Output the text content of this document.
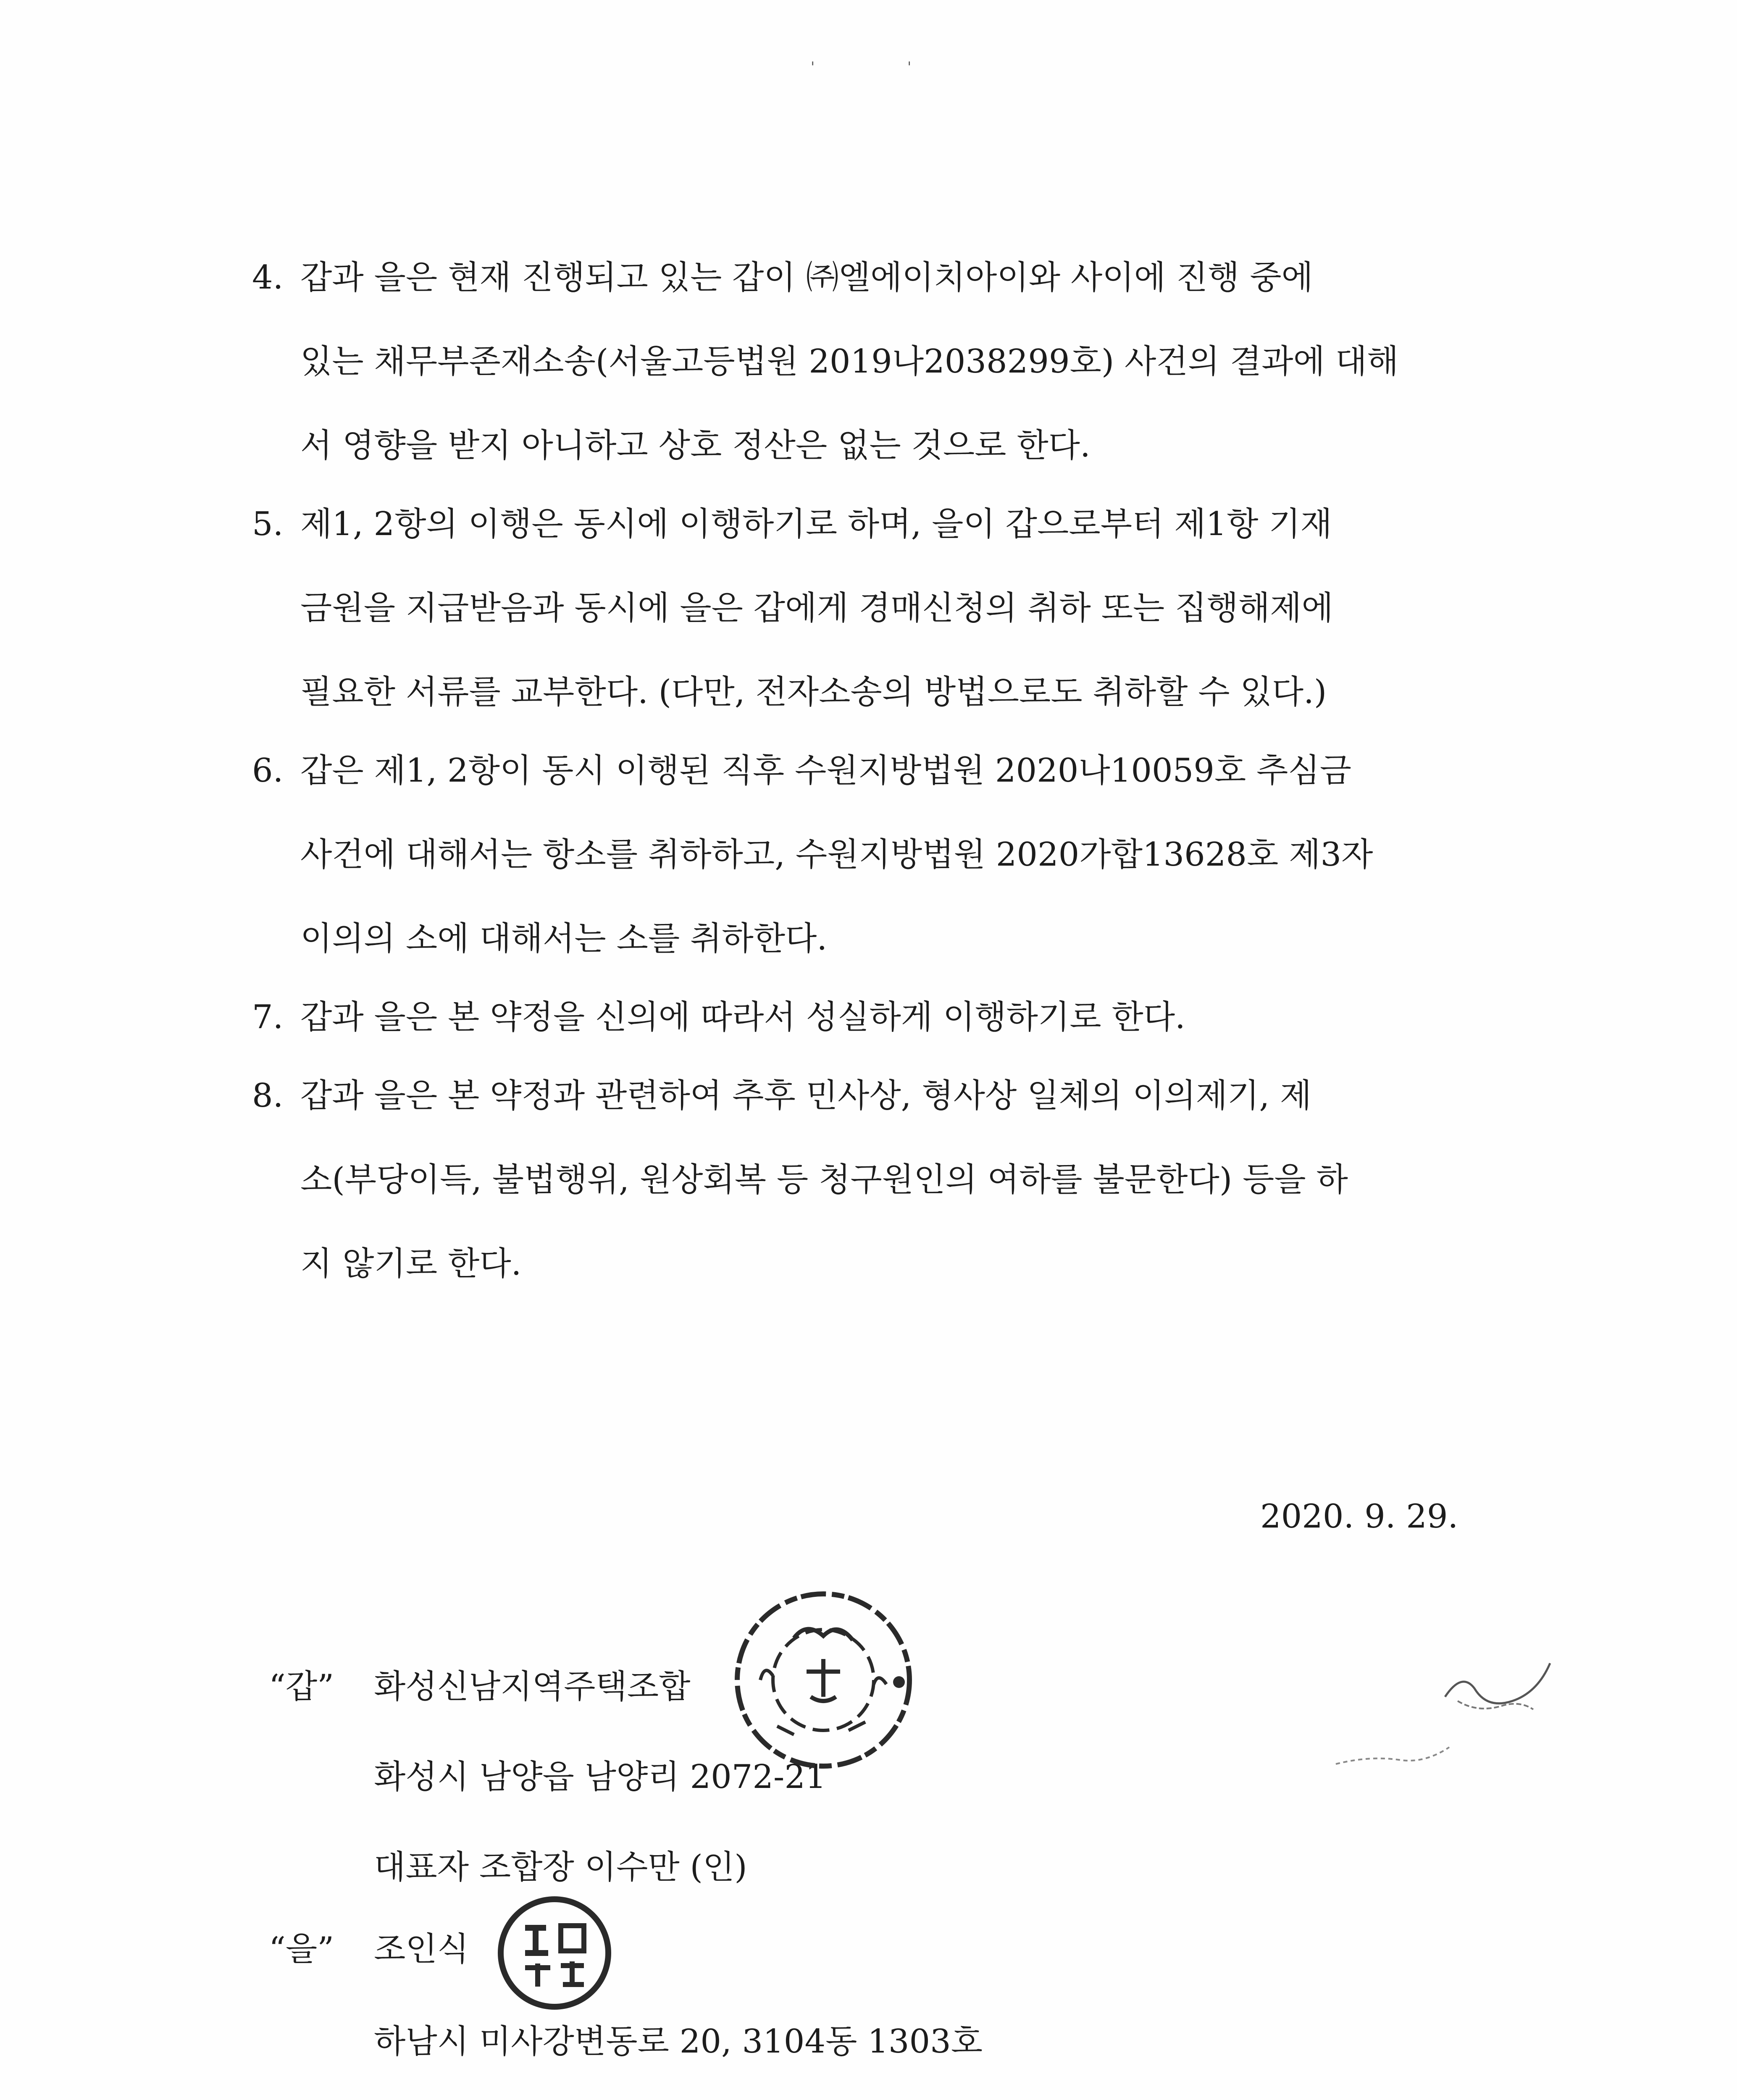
'	'
4. 갑과 을은 현재 진행되고 있는 갑이 ㈜엘에이치아이와 사이에 진행 중에
있는 채무부존재소송(서울고등법원 2019나2038299호) 사건의 결과에 대해
서 영향을 받지 아니하고 상호 정산은 없는 것으로 한다.
5. 제1, 2항의 이행은 동시에 이행하기로 하며, 을이 갑으로부터 제1항 기재
금원을 지급받음과 동시에 을은 갑에게 경매신청의 취하 또는 집행해제에
필요한 서류를 교부한다. (다만, 전자소송의 방법으로도 취하할 수 있다.)
6. 갑은 제1, 2항이 동시 이행된 직후 수원지방법원 2020나10059호 추심금
사건에 대해서는 항소를 취하하고, 수원지방법원 2020가합13628호 제3자
이의의 소에 대해서는 소를 취하한다.
7. 갑과 을은 본 약정을 신의에 따라서 성실하게 이행하기로 한다.
8. 갑과 을은 본 약정과 관련하여 추후 민사상, 형사상 일체의 이의제기, 제
소(부당이득, 불법행위, 원상회복 등 청구원인의 여하를 불문한다) 등을 하
지 않기로 한다.
2020. 9. 29.
“갑” 화성신남지역주택조합
화성시 남양읍 남양리 2072-21
대표자 조합장 이수만 (인)
“을” 조인식
하남시 미사강변동로 20, 3104동 1303호
